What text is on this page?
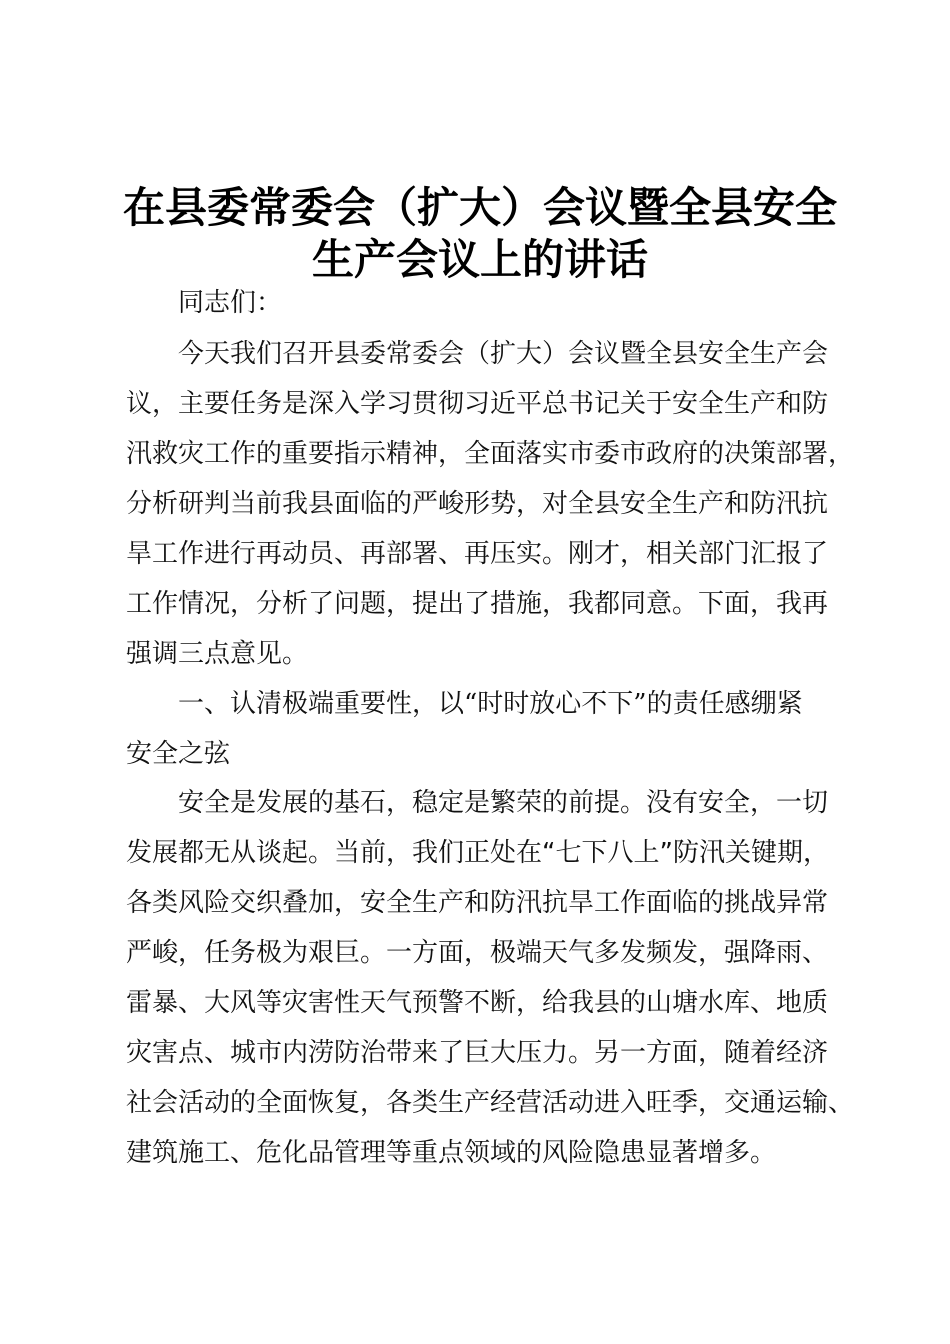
在县委常委会（扩大）会议暨全县安全
生产会议上的讲话

同志们：

今天我们召开县委常委会（扩大）会议暨全县安全生产会

议，主要任务是深入学习贯彻习近平总书记关于安全生产和防

汛救灾工作的重要指示精神，全面落实市委市政府的决策部署，

分析研判当前我县面临的严峻形势，对全县安全生产和防汛抗

旱工作进行再动员、再部署、再压实。刚才，相关部门汇报了

工作情况，分析了问题，提出了措施，我都同意。下面，我再

强调三点意见。

一、认清极端重要性，以“时时放心不下”的责任感绷紧

安全之弦

安全是发展的基石，稳定是繁荣的前提。没有安全，一切

发展都无从谈起。当前，我们正处在“七下八上”防汛关键期，

各类风险交织叠加，安全生产和防汛抗旱工作面临的挑战异常

严峻，任务极为艰巨。一方面，极端天气多发频发，强降雨、

雷暴、大风等灾害性天气预警不断，给我县的山塘水库、地质

灾害点、城市内涝防治带来了巨大压力。另一方面，随着经济

社会活动的全面恢复，各类生产经营活动进入旺季，交通运输、

建筑施工、危化品管理等重点领域的风险隐患显著增多。
